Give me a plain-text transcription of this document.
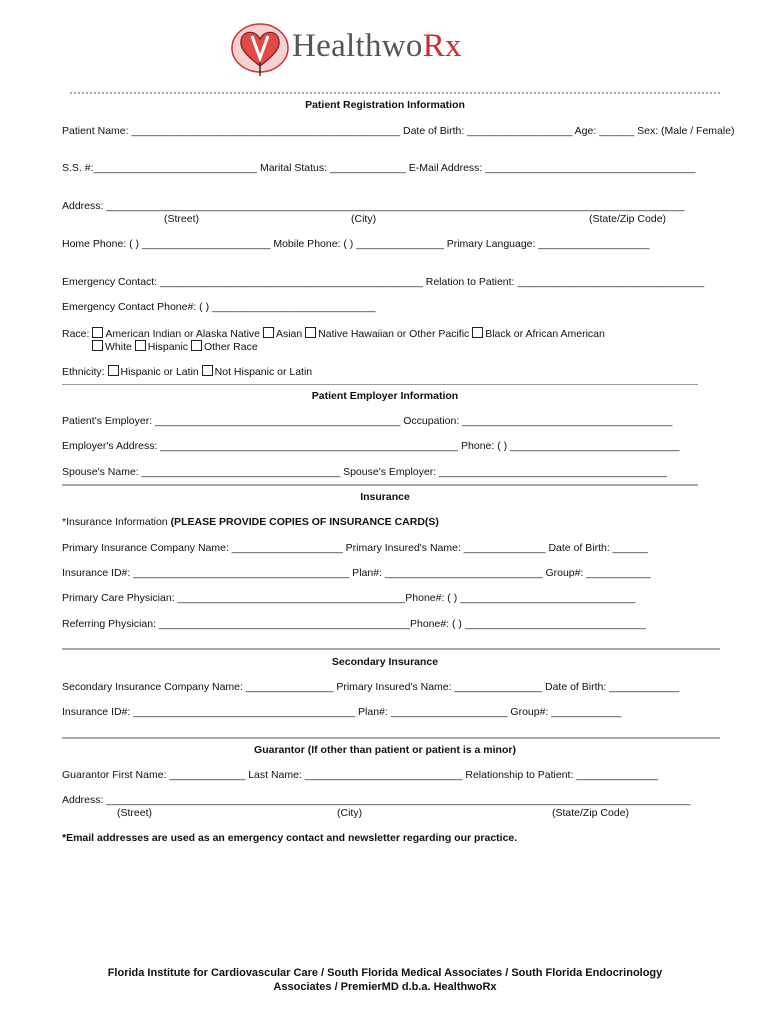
HealthwoRx
Patient Registration Information
Patient Name: ______________________________________________ Date of Birth: __________________ Age: ______ Sex: (Male / Female)
S.S. #:____________________________ Marital Status: _____________ E-Mail Address: ____________________________________
Address: ___________________________________________________________________________________________________
(Street)	(City)	(State/Zip Code)
Home Phone: ( ) ______________________ Mobile Phone: ( ) _______________ Primary Language: ___________________
Emergency Contact: _____________________________________________ Relation to Patient: ________________________________
Emergency Contact Phone#: ( ) ____________________________
Race: American Indian or Alaska Native Asian Native Hawaiian or Other Pacific Black or African American
White Hispanic Other Race
Ethnicity: Hispanic or Latin Not Hispanic or Latin
Patient Employer Information
Patient's Employer: __________________________________________ Occupation: ____________________________________
Employer's Address: ___________________________________________________ Phone: ( ) _____________________________
Spouse's Name: __________________________________ Spouse's Employer: _______________________________________
Insurance
*Insurance Information (PLEASE PROVIDE COPIES OF INSURANCE CARD(S)
Primary Insurance Company Name: ___________________ Primary Insured's Name: ______________ Date of Birth: ______
Insurance ID#: _____________________________________ Plan#: ___________________________ Group#: ___________
Primary Care Physician: _______________________________________Phone#: ( ) ______________________________
Referring Physician: ___________________________________________Phone#: ( ) _______________________________
Secondary Insurance
Secondary Insurance Company Name: _______________ Primary Insured's Name: _______________ Date of Birth: ____________
Insurance ID#: ______________________________________ Plan#: ____________________ Group#: ____________
Guarantor (If other than patient or patient is a minor)
Guarantor First Name: _____________ Last Name: ___________________________ Relationship to Patient: ______________
Address: ____________________________________________________________________________________________________
(Street)	(City)	(State/Zip Code)
*Email addresses are used as an emergency contact and newsletter regarding our practice.
Florida Institute for Cardiovascular Care / South Florida Medical Associates / South Florida Endocrinology
Associates / PremierMD d.b.a. HealthwoRx
